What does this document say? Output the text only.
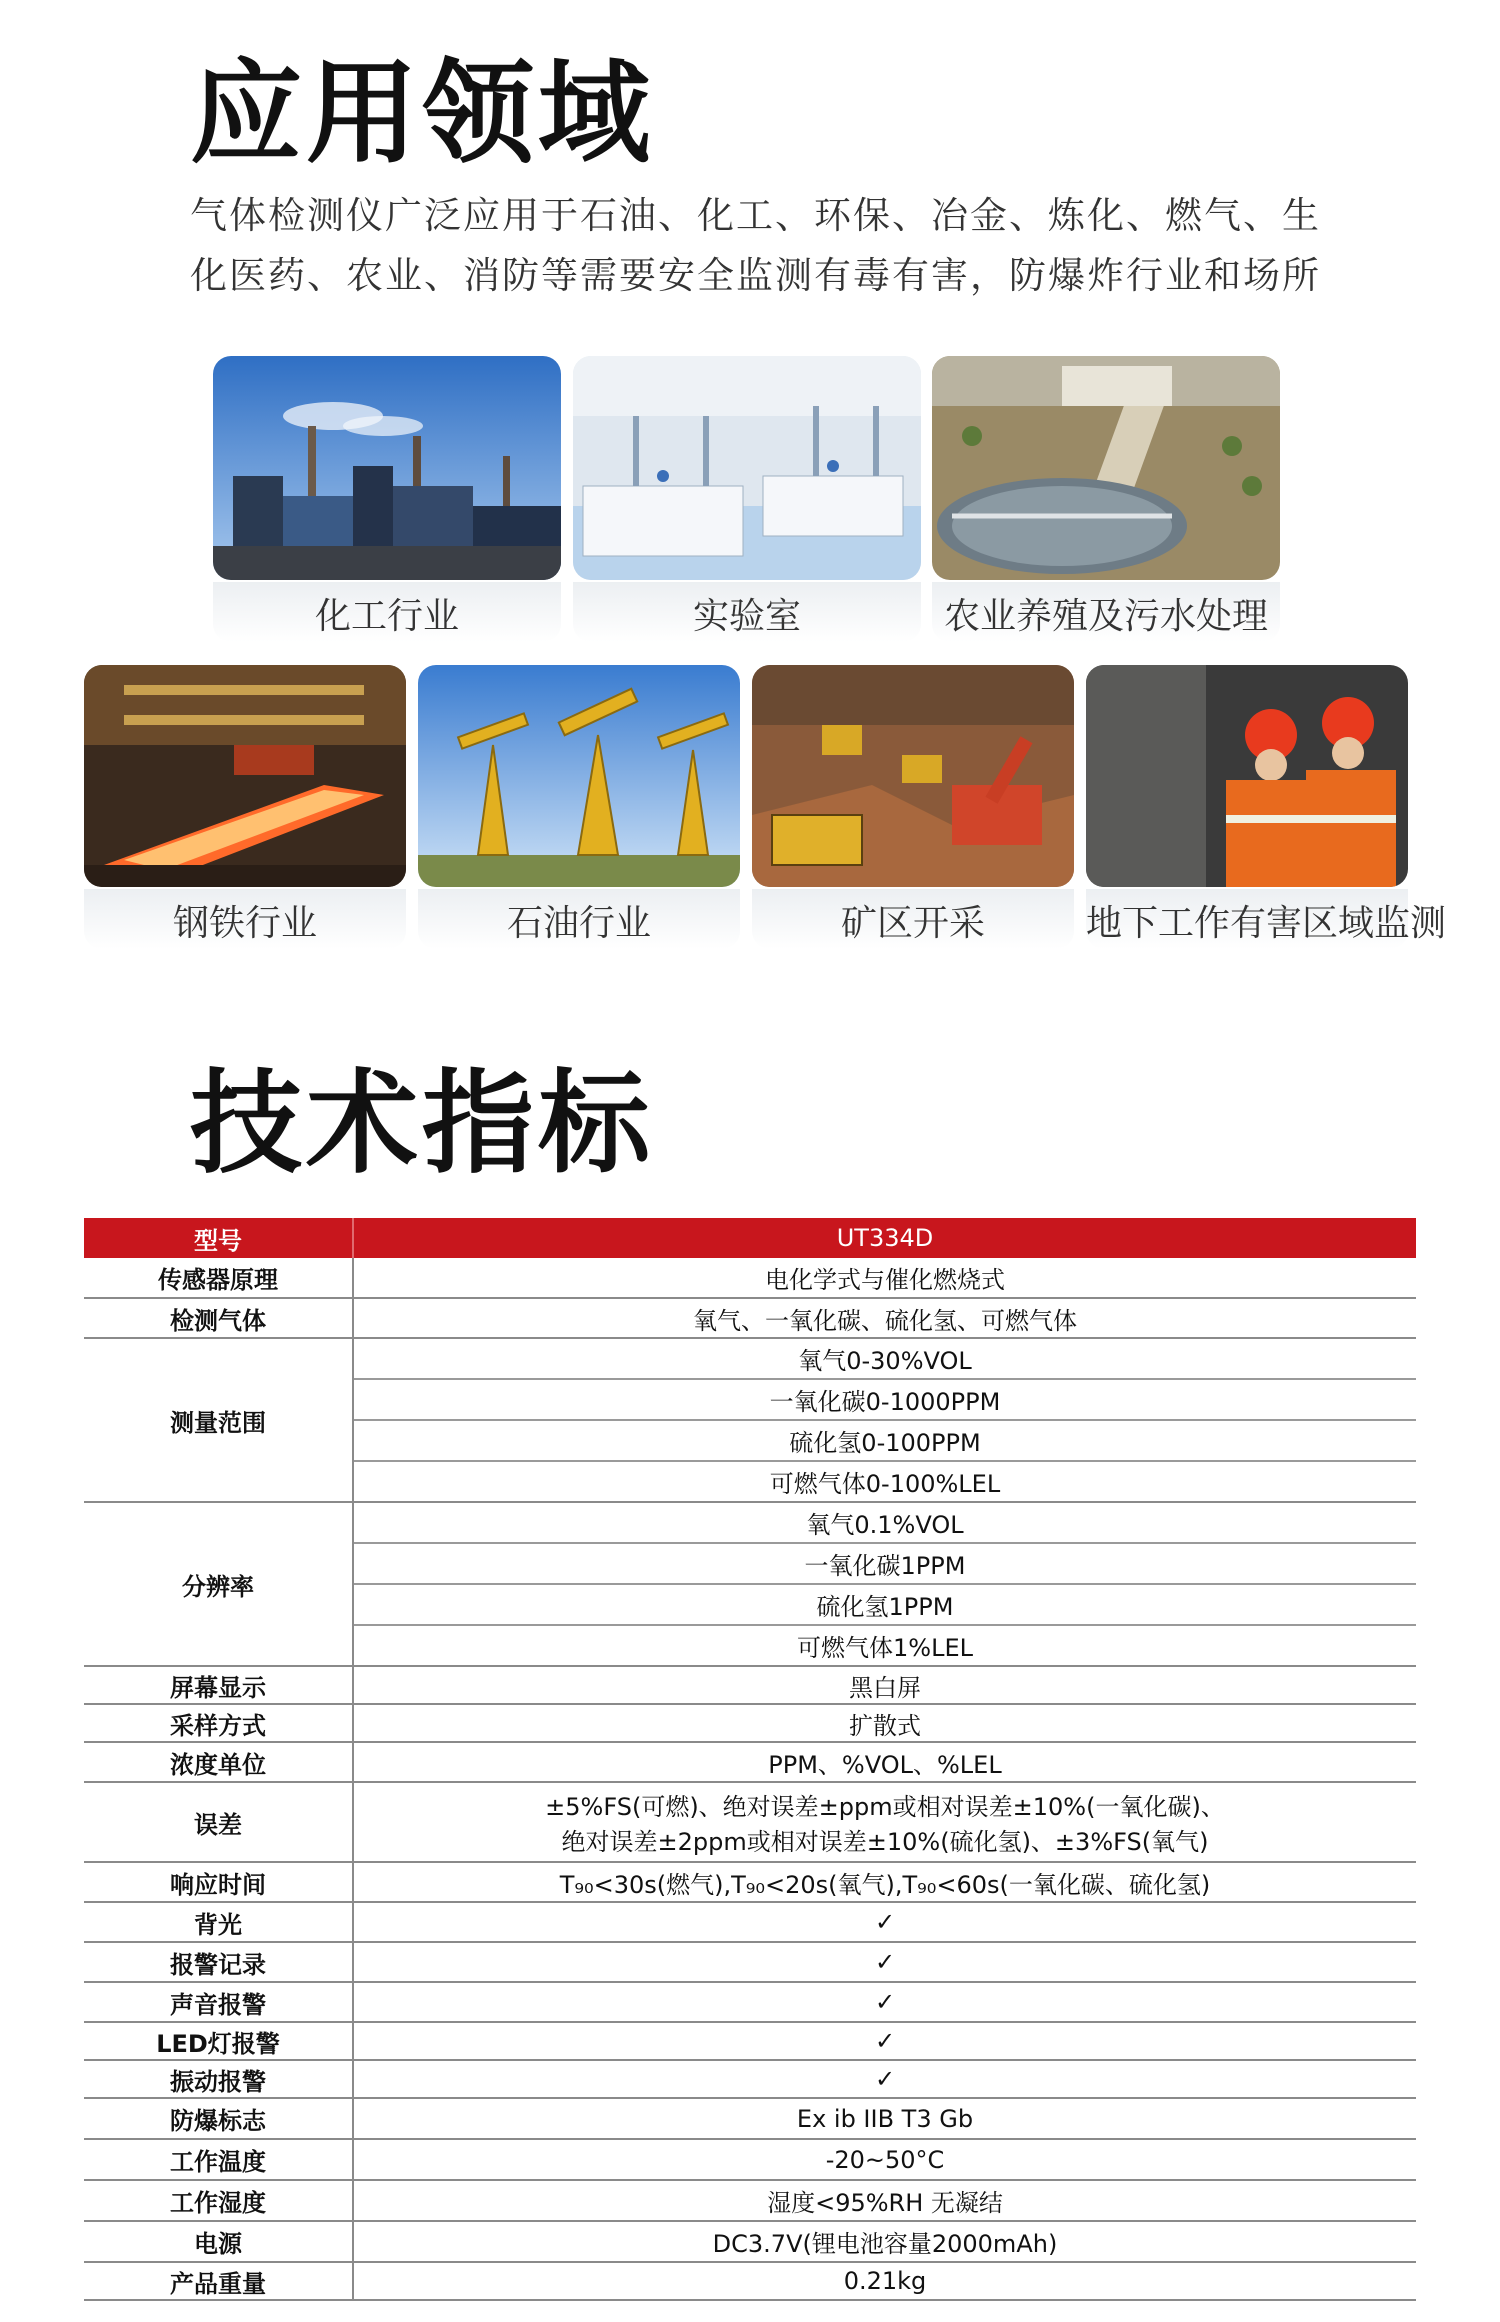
应用领域
气体检测仪广泛应用于石油、化工、环保、冶金、炼化、燃气、生
化医药、农业、消防等需要安全监测有毒有害，防爆炸行业和场所
化工行业	实验室	农业养殖及污水处理
钢铁行业	石油行业	矿区开采	地下工作有害区域监测
技术指标
型号	UT334D
传感器原理	电化学式与催化燃烧式
检测气体	氧气、一氧化碳、硫化氢、可燃气体
测量范围	氧气0-30%VOL
	一氧化碳0-1000PPM
	硫化氢0-100PPM
	可燃气体0-100%LEL
分辨率	氧气0.1%VOL
	一氧化碳1PPM
	硫化氢1PPM
	可燃气体1%LEL
屏幕显示	黑白屏
采样方式	扩散式
浓度单位	PPM、%VOL、%LEL
误差	±5%FS(可燃)、绝对误差±ppm或相对误差±10%(一氧化碳)、
绝对误差±2ppm或相对误差±10%(硫化氢)、±3%FS(氧气)

响应时间	T₉₀<30s(燃气),T₉₀<20s(氧气),T₉₀<60s(一氧化碳、硫化氢)
背光	✓
报警记录	✓
声音报警	✓
LED灯报警	✓
振动报警	✓
防爆标志	Ex ib IIB T3 Gb
工作温度	-20~50°C
工作湿度	湿度<95%RH 无凝结
电源	DC3.7V(锂电池容量2000mAh)
产品重量	0.21kg
